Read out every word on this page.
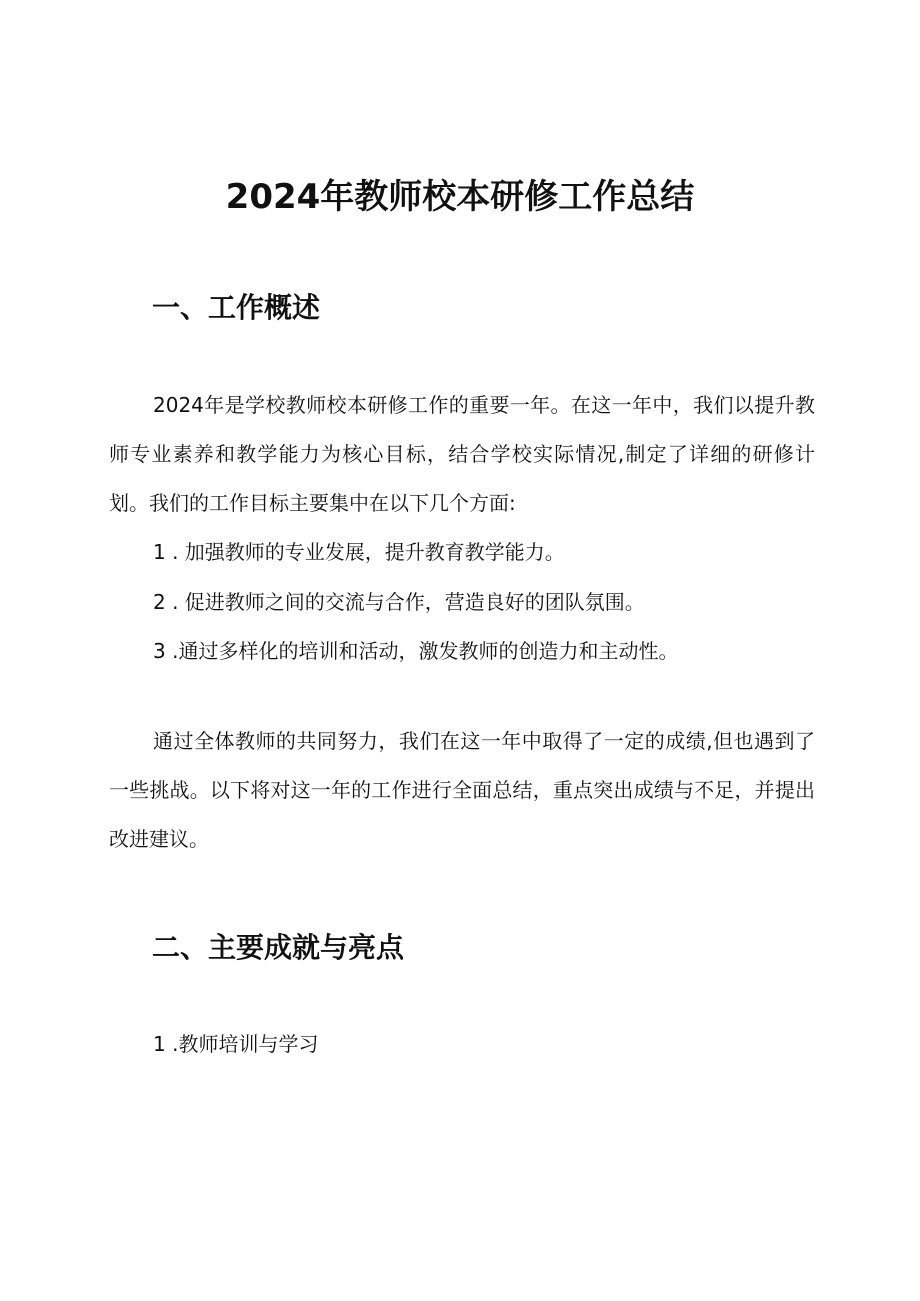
2024年教师校本研修工作总结
一、工作概述

2024年是学校教师校本研修工作的重要一年。在这一年中，我们以提升教师专业素养和教学能力为核心目标，结合学校实际情况,制定了详细的研修计划。我们的工作目标主要集中在以下几个方面:

1 . 加强教师的专业发展，提升教育教学能力。
2 . 促进教师之间的交流与合作，营造良好的团队氛围。
3 .通过多样化的培训和活动，激发教师的创造力和主动性。

通过全体教师的共同努力，我们在这一年中取得了一定的成绩,但也遇到了一些挑战。以下将对这一年的工作进行全面总结，重点突出成绩与不足，并提出改进建议。

二、主要成就与亮点
1 .教师培训与学习
